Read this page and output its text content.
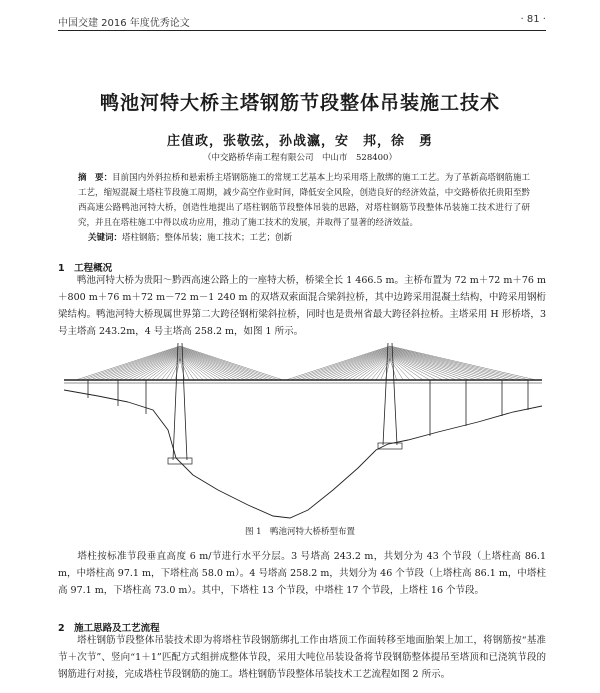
中国交建 2016 年度优秀论文	· 81 ·
鸭池河特大桥主塔钢筋节段整体吊装施工技术
庄值政，张敬弦，孙战瀛，安　邦，徐　勇
（中交路桥华南工程有限公司　中山市　528400）
摘　要：目前国内外斜拉桥和悬索桥主塔钢筋施工的常规工艺基本上均采用塔上散绑的施工工艺。为了革新高塔钢筋施工工艺，缩短混凝土塔柱节段施工周期，减少高空作业时间，降低安全风险，创造良好的经济效益，中交路桥依托贵阳至黔西高速公路鸭池河特大桥，创造性地提出了塔柱钢筋节段整体吊装的思路，对塔柱钢筋节段整体吊装施工技术进行了研究，并且在塔柱施工中得以成功应用，推动了施工技术的发展，并取得了显著的经济效益。
关键词：塔柱钢筋；整体吊装；施工技术；工艺；创新
1　工程概况
鸭池河特大桥为贵阳～黔西高速公路上的一座特大桥，桥梁全长 1 466.5 m。主桥布置为 72 m＋72 m＋76 m＋800 m＋76 m＋72 m－72 m－1 240 m 的双塔双索面混合梁斜拉桥，其中边跨采用混凝土结构，中跨采用钢桁梁结构。鸭池河特大桥现属世界第二大跨径钢桁梁斜拉桥，同时也是贵州省最大跨径斜拉桥。主塔采用 H 形桥塔，3 号主塔高 243.2m，4 号主塔高 258.2 m，如图 1 所示。
图 1　鸭池河特大桥桥型布置
塔柱按标准节段垂直高度 6 m/节进行水平分层。3 号塔高 243.2 m，共划分为 43 个节段（上塔柱高 86.1 m，中塔柱高 97.1 m，下塔柱高 58.0 m）。4 号塔高 258.2 m，共划分为 46 个节段（上塔柱高 86.1 m，中塔柱高 97.1 m，下塔柱高 73.0 m）。其中，下塔柱 13 个节段，中塔柱 17 个节段，上塔柱 16 个节段。
2　施工思路及工艺流程
塔柱钢筋节段整体吊装技术即为将塔柱节段钢筋绑扎工作由塔顶工作面转移至地面胎架上加工，将钢筋按“基准节＋次节”、竖向“1＋1”匹配方式组拼成整体节段，采用大吨位吊装设备将节段钢筋整体提吊至塔顶和已浇筑节段的钢筋进行对接，完成塔柱节段钢筋的施工。塔柱钢筋节段整体吊装技术工艺流程如图 2 所示。
